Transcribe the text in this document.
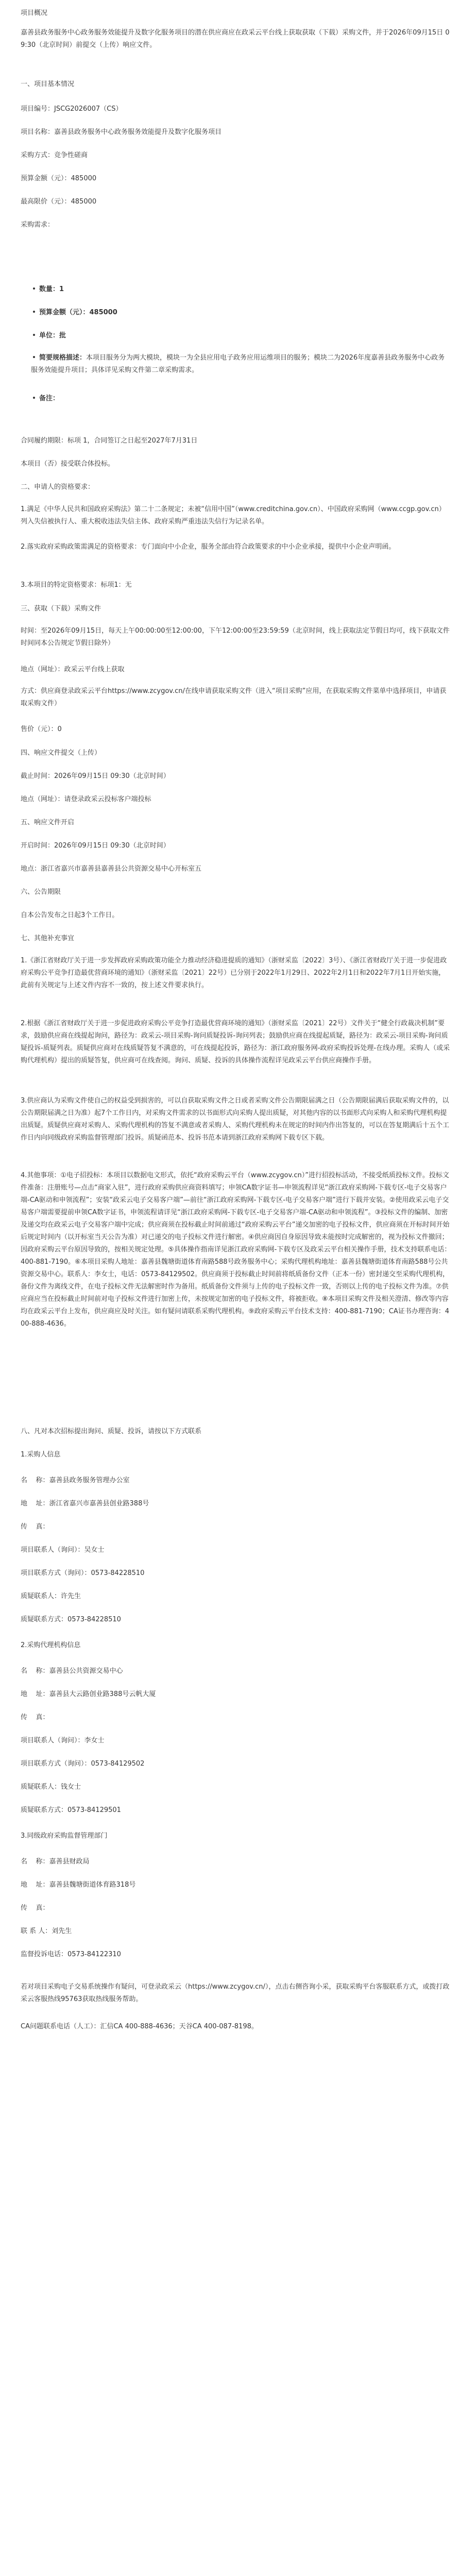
项目概况

嘉善县政务服务中心政务服务效能提升及数字化服务项目的潜在供应商应在政采云平台线上获取获取（下载）采购文件，并于2026年09月15日 09:30（北京时间）前提交（上传）响应文件。

一、项目基本情况

项目编号：JSCG2026007（CS）

项目名称：嘉善县政务服务中心政务服务效能提升及数字化服务项目

采购方式：竞争性磋商

预算金额（元）：485000

最高限价（元）：485000

采购需求：

数量：1

预算金额（元）：485000

单位：批

简要规格描述：本项目服务分为两大模块，模块一为全县应用电子政务应用运维项目的服务；模块二为2026年度嘉善县政务服务中心政务服务效能提升项目；具体详见采购文件第二章采购需求。

备注：

合同履约期限：标项 1，合同签订之日起至2027年7月31日

本项目（否）接受联合体投标。

二、申请人的资格要求：

1.满足《中华人民共和国政府采购法》第二十二条规定；未被“信用中国”（www.creditchina.gov.cn）、中国政府采购网（www.ccgp.gov.cn）列入失信被执行人、重大税收违法失信主体、政府采购严重违法失信行为记录名单。

2.落实政府采购政策需满足的资格要求：专门面向中小企业，服务全部由符合政策要求的中小企业承接，提供中小企业声明函。

3.本项目的特定资格要求：标项1：无

三、获取（下载）采购文件

时间：至2026年09月15日，每天上午00:00:00至12:00:00，下午12:00:00至23:59:59（北京时间，线上获取法定节假日均可，线下获取文件时间同本公告规定节假日除外）

地点（网址）：政采云平台线上获取

方式：供应商登录政采云平台https://www.zcygov.cn/在线申请获取采购文件（进入“项目采购”应用，在获取采购文件菜单中选择项目，申请获取采购文件）

售价（元）：0

四、响应文件提交（上传）

截止时间：2026年09月15日 09:30（北京时间）

地点（网址）：请登录政采云投标客户端投标

五、响应文件开启

开启时间：2026年09月15日 09:30（北京时间）

地点：浙江省嘉兴市嘉善县嘉善县公共资源交易中心开标室五

六、公告期限

自本公告发布之日起3个工作日。

七、其他补充事宜

1.《浙江省财政厅关于进一步发挥政府采购政策功能全力推动经济稳进提质的通知》（浙财采监〔2022〕3号）、《浙江省财政厅关于进一步促进政府采购公平竞争打造最优营商环境的通知》（浙财采监〔2021〕22号）已分别于2022年1月29日、2022年2月1日和2022年7月1日开始实施，此前有关规定与上述文件内容不一致的，按上述文件要求执行。

2.根据《浙江省财政厅关于进一步促进政府采购公平竞争打造最优营商环境的通知》（浙财采监〔2021〕22号）文件关于“健全行政裁决机制”要求，鼓励供应商在线提起询问，路径为：政采云-项目采购-询问质疑投诉-询问列表；鼓励供应商在线提起质疑，路径为：政采云-项目采购-询问质疑投诉-质疑列表。质疑供应商对在线质疑答复不满意的，可在线提起投诉，路径为：浙江政府服务网-政府采购投诉处理-在线办理。采购人（或采购代理机构）提出的质疑答复，供应商可在线查阅。询问、质疑、投诉的具体操作流程详见政采云平台供应商操作手册。

3.供应商认为采购文件使自己的权益受到损害的，可以自获取采购文件之日或者采购文件公告期限届满之日（公告期限届满后获取采购文件的，以公告期限届满之日为准）起7个工作日内，对采购文件需求的以书面形式向采购人提出质疑，对其他内容的以书面形式向采购人和采购代理机构提出质疑。质疑供应商对采购人、采购代理机构的答复不满意或者采购人、采购代理机构未在规定的时间内作出答复的，可以在答复期满后十五个工作日内向同级政府采购监督管理部门投诉。质疑函范本、投诉书范本请到浙江政府采购网下载专区下载。

4.其他事项：①电子招投标：本项目以数据电文形式，依托“政府采购云平台（www.zcygov.cn）”进行招投标活动，不接受纸质投标文件。投标文件准备：注册账号—点击“商家入驻”，进行政府采购供应商资料填写；申领CA数字证书—申领流程详见“浙江政府采购网-下载专区-电子交易客户端-CA驱动和申领流程”；安装“政采云电子交易客户端”—前往“浙江政府采购网-下载专区-电子交易客户端”进行下载并安装。②使用政采云电子交易客户端需要提前申领CA数字证书，申领流程请详见“浙江政府采购网-下载专区-电子交易客户端-CA驱动和申领流程”。③投标文件的编制、加密及递交均在政采云电子交易客户端中完成；供应商须在投标截止时间前通过“政府采购云平台”递交加密的电子投标文件，供应商须在开标时间开始后规定时间内（以开标室当天公告为准）对已递交的电子投标文件进行解密。④供应商因自身原因导致未能按时完成解密的，视为投标文件撤回；因政府采购云平台原因导致的，按相关规定处理。⑤具体操作指南详见浙江政府采购网-下载专区及政采云平台相关操作手册，技术支持联系电话：400-881-7190。⑥本项目采购人地址：嘉善县魏塘街道体育南路588号政务服务中心；采购代理机构地址：嘉善县魏塘街道体育南路588号公共资源交易中心。联系人：李女士，电话：0573-84129502。供应商须于投标截止时间前将纸质备份文件（正本一份）密封递交至采购代理机构，备份文件为离线文件，在电子投标文件无法解密时作为备用。纸质备份文件须与上传的电子投标文件一致，否则以上传的电子投标文件为准。⑦供应商应当在投标截止时间前对电子投标文件进行加密上传，未按规定加密的电子投标文件，将被拒收。⑧本项目采购文件及相关澄清、修改等内容均在政采云平台上发布，供应商应及时关注。如有疑问请联系采购代理机构。⑨政府采购云平台技术支持：400-881-7190；CA证书办理咨询：400-888-4636。

八、凡对本次招标提出询问、质疑、投诉，请按以下方式联系

1.采购人信息

名    称：嘉善县政务服务管理办公室

地    址：浙江省嘉兴市嘉善县创业路388号

传    真：

项目联系人（询问）：吴女士

项目联系方式（询问）：0573-84228510

质疑联系人：许先生

质疑联系方式：0573-84228510

2.采购代理机构信息

名    称：嘉善县公共资源交易中心

地    址：嘉善县大云路创业路388号云帆大厦

传    真：

项目联系人（询问）：李女士

项目联系方式（询问）：0573-84129502

质疑联系人：钱女士

质疑联系方式：0573-84129501

3.同级政府采购监督管理部门

名    称：嘉善县财政局

地    址：嘉善县魏塘街道体育路318号

传    真：

联 系 人：刘先生

监督投诉电话：0573-84122310

若对项目采购电子交易系统操作有疑问，可登录政采云（https://www.zcygov.cn/），点击右侧咨询小采，获取采购平台客服联系方式，或拨打政采云客服热线95763获取热线服务帮助。

CA问题联系电话（人工）：汇信CA 400-888-4636；天谷CA 400-087-8198。
